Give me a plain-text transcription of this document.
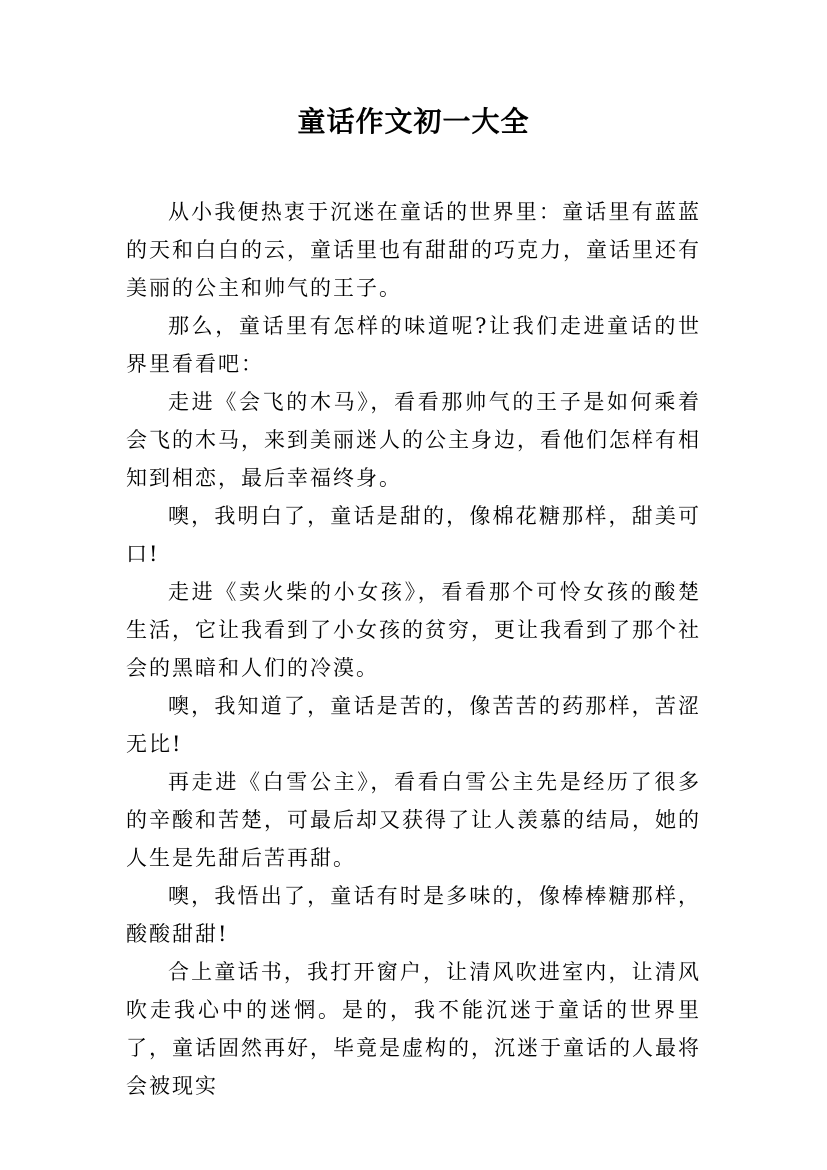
童话作文初一大全

从小我便热衷于沉迷在童话的世界里：童话里有蓝蓝的天和白白的云，童话里也有甜甜的巧克力，童话里还有美丽的公主和帅气的王子。

那么，童话里有怎样的味道呢?让我们走进童话的世界里看看吧：

走进《会飞的木马》，看看那帅气的王子是如何乘着会飞的木马，来到美丽迷人的公主身边，看他们怎样有相知到相恋，最后幸福终身。

噢，我明白了，童话是甜的，像棉花糖那样，甜美可口!

走进《卖火柴的小女孩》，看看那个可怜女孩的酸楚生活，它让我看到了小女孩的贫穷，更让我看到了那个社会的黑暗和人们的冷漠。

噢，我知道了，童话是苦的，像苦苦的药那样，苦涩无比!

再走进《白雪公主》，看看白雪公主先是经历了很多的辛酸和苦楚，可最后却又获得了让人羡慕的结局，她的人生是先甜后苦再甜。

噢，我悟出了，童话有时是多味的，像棒棒糖那样，酸酸甜甜!

合上童话书，我打开窗户，让清风吹进室内，让清风吹走我心中的迷惘。是的，我不能沉迷于童话的世界里了，童话固然再好，毕竟是虚构的，沉迷于童话的人最将会被现实
